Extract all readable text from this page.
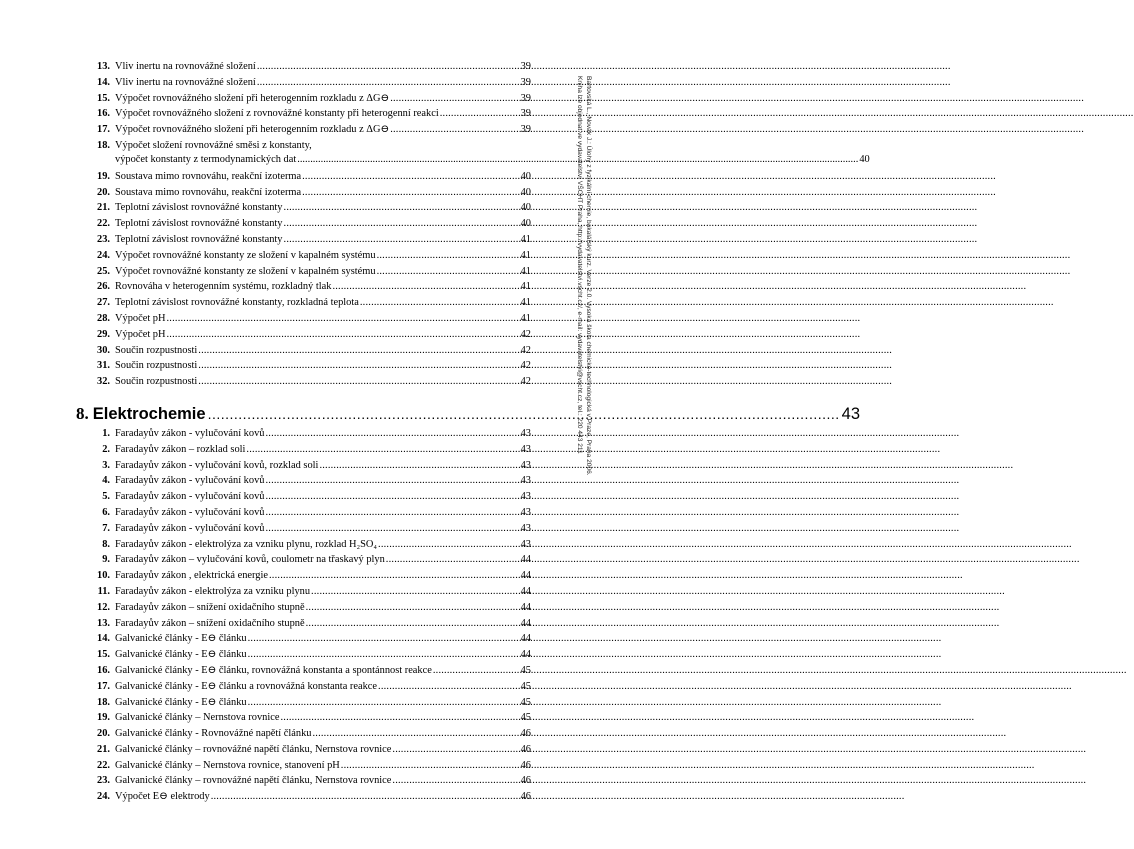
13. Vliv inertu na rovnovážné složení .....	39
14. Vliv inertu na rovnovážné složení .....	39
15. Výpočet rovnovážného složení při heterogenním rozkladu z ΔG⊖ .....	39
16. Výpočet rovnovážného složení z rovnovážné konstanty při heterogenní reakci .....	39
17. Výpočet rovnovážného složení při heterogenním rozkladu z ΔG⊖ .....	39
18. Výpočet složení rovnovážné směsi z konstanty,
výpočet konstanty z termodynamických dat .....	40
19. Soustava mimo rovnováhu, reakční izoterma .....	40
20. Soustava mimo rovnováhu, reakční izoterma .....	40
21. Teplotní závislost rovnovážné konstanty .....	40
22. Teplotní závislost rovnovážné konstanty .....	40
23. Teplotní závislost rovnovážné konstanty .....	41
24. Výpočet rovnovážné konstanty ze složení v kapalném systému .....	41
25. Výpočet rovnovážné konstanty ze složení v kapalném systému .....	41
26. Rovnováha v heterogenním systému, rozkladný tlak .....	41
27. Teplotní závislost rovnovážné konstanty, rozkladná teplota .....	41
28. Výpočet pH .....	41
29. Výpočet pH .....	42
30. Součin rozpustnosti .....	42
31. Součin rozpustnosti .....	42
32. Součin rozpustnosti .....	42
8. Elektrochemie .....	43
1. Faradayův zákon - vylučování kovů .....	43
2. Faradayův zákon – rozklad soli .....	43
3. Faradayův zákon - vylučování kovů, rozklad soli .....	43
4. Faradayův zákon - vylučování kovů .....	43
5. Faradayův zákon - vylučování kovů .....	43
6. Faradayův zákon - vylučování kovů .....	43
7. Faradayův zákon - vylučování kovů .....	43
8. Faradayův zákon - elektrolýza za vzniku plynu, rozklad H₂SO₄ .....	43
9. Faradayův zákon – vylučování kovů, coulometr na třaskavý plyn .....	44
10. Faradayův zákon , elektrická energie .....	44
11. Faradayův zákon - elektrolýza za vzniku plynu .....	44
12. Faradayův zákon – snížení oxidačního stupně .....	44
13. Faradayův zákon – snížení oxidačního stupně .....	44
14. Galvanické články - E⊖ článku .....	44
15. Galvanické články - E⊖ článku .....	44
16. Galvanické články - E⊖ článku, rovnovážná konstanta a spontánnost reakce .....	45
17. Galvanické články - E⊖ článku a rovnovážná konstanta reakce .....	45
18. Galvanické články - E⊖ článku .....	45
19. Galvanické články – Nernstova rovnice .....	45
20. Galvanické články - Rovnovážné napětí článku .....	46
21. Galvanické články – rovnovážné napětí článku, Nernstova rovnice .....	46
22. Galvanické články – Nernstova rovnice, stanovení pH .....	46
23. Galvanické články – rovnovážné napětí článku, Nernstova rovnice .....	46
24. Výpočet E⊖ elektrody .....	46
Bartovská L., Novák J.: Úlohy z fyzikální chemie, bakalářský kurz. Verze 2.0. Vysoká škola chemicko-technologická v Praze, Praha 2006.
Kniha lze objednat ve vydavatelství VŠCHT Praha, http://vydavatelstvi.vscht.cz/, e-mail: vydavatelstvi@vscht.cz, tel.: 220 443 211
